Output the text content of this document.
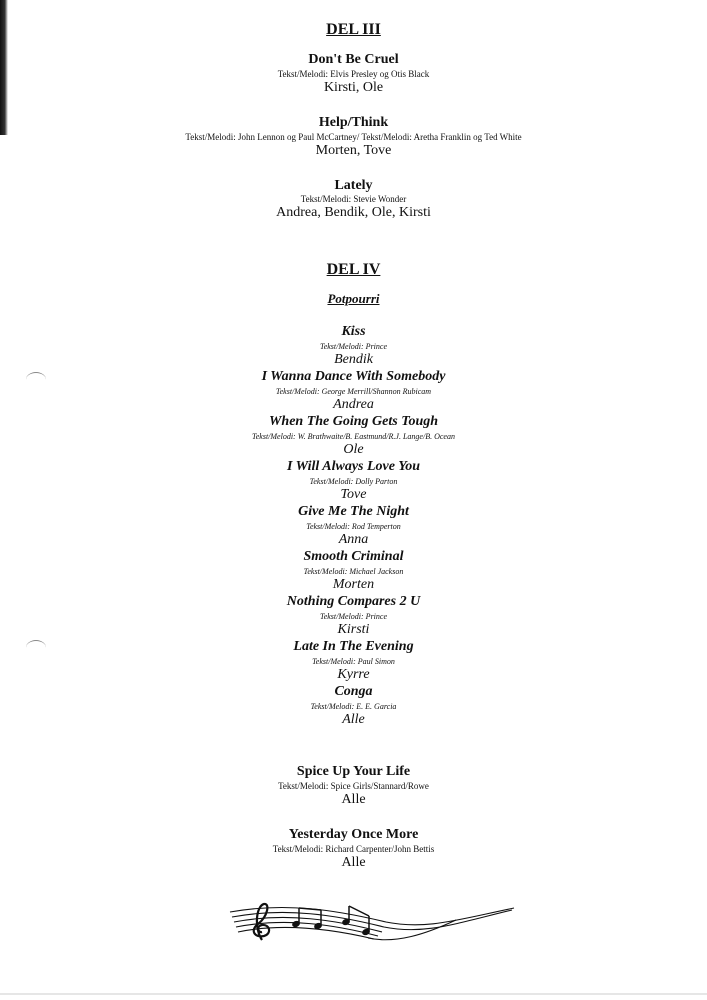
DEL III
Don't Be Cruel
Tekst/Melodi: Elvis Presley og Otis Black
Kirsti, Ole
Help/Think
Tekst/Melodi: John Lennon og Paul McCartney/ Tekst/Melodi: Aretha Franklin og Ted White
Morten, Tove
Lately
Tekst/Melodi: Stevie Wonder
Andrea, Bendik, Ole, Kirsti
DEL IV
Potpourri
Kiss
Tekst/Melodi: Prince
Bendik
I Wanna Dance With Somebody
Tekst/Melodi: George Merrill/Shannon Rubicam
Andrea
When The Going Gets Tough
Tekst/Melodi: W. Brathwaite/B. Eastmund/R.J. Lange/B. Ocean
Ole
I Will Always Love You
Tekst/Melodi: Dolly Parton
Tove
Give Me The Night
Tekst/Melodi: Rod Temperton
Anna
Smooth Criminal
Tekst/Melodi: Michael Jackson
Morten
Nothing Compares 2 U
Tekst/Melodi: Prince
Kirsti
Late In The Evening
Tekst/Melodi: Paul Simon
Kyrre
Conga
Tekst/Melodi: E. E. Garcia
Alle
Spice Up Your Life
Tekst/Melodi: Spice Girls/Stannard/Rowe
Alle
Yesterday Once More
Tekst/Melodi: Richard Carpenter/John Bettis
Alle
